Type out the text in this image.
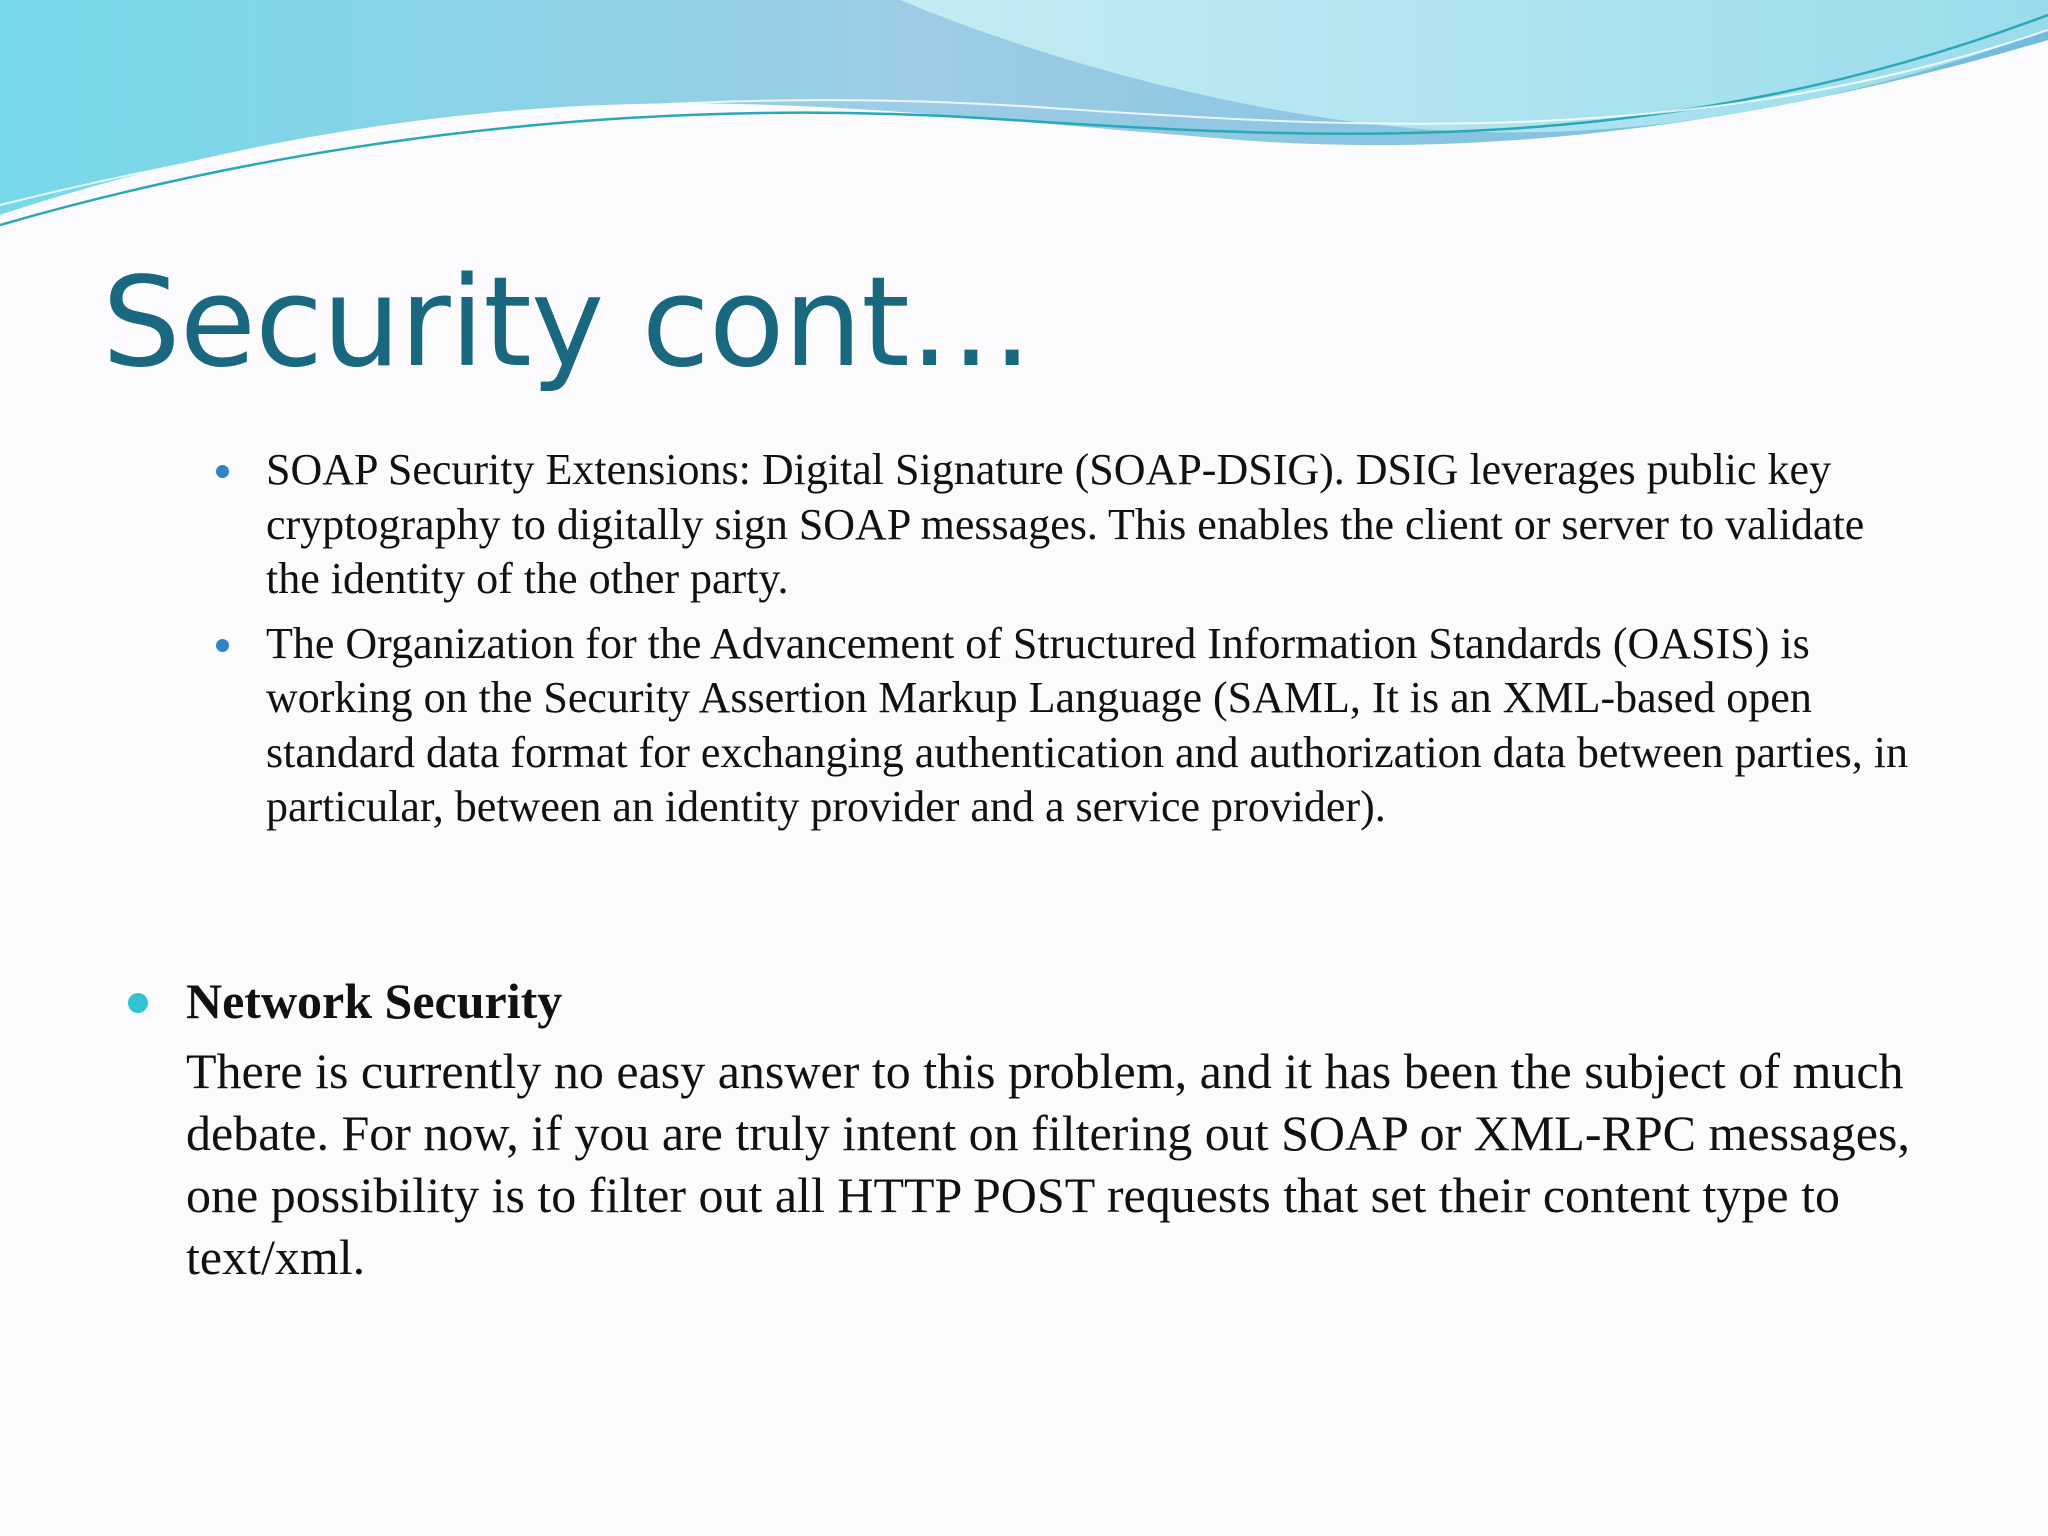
Security cont…
SOAP Security Extensions: Digital Signature (SOAP-DSIG). DSIG leverages public key cryptography to digitally sign SOAP messages. This enables the client or server to validate the identity of the other party.
The Organization for the Advancement of Structured Information Standards (OASIS) is working on the Security Assertion Markup Language (SAML, It is an XML-based open standard data format for exchanging authentication and authorization data between parties, in particular, between an identity provider and a service provider).

Network Security

There is currently no easy answer to this problem, and it has been the subject of much debate. For now, if you are truly intent on filtering out SOAP or XML-RPC messages, one possibility is to filter out all HTTP POST requests that set their content type to text/xml.
